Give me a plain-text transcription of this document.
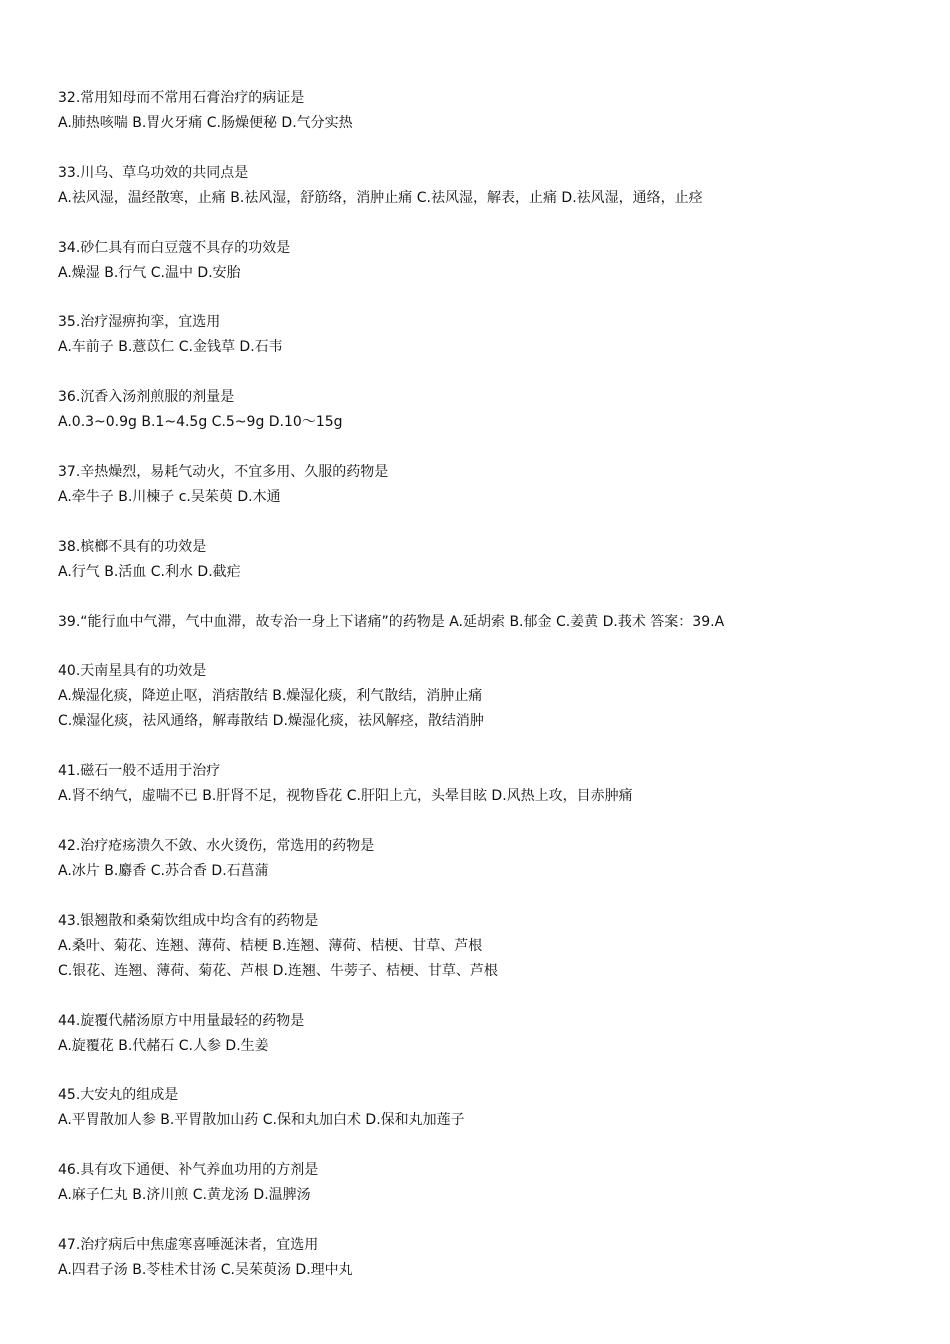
32.常用知母而不常用石膏治疗的病证是
A.肺热咳喘 B.胃火牙痛 C.肠燥便秘 D.气分实热
33.川乌、草乌功效的共同点是
A.祛风湿，温经散寒，止痛 B.祛风湿，舒筋络，消肿止痛 C.祛风湿，解表，止痛 D.祛风湿，通络，止痉
34.砂仁具有而白豆蔻不具存的功效是
A.燥湿 B.行气 C.温中 D.安胎
35.治疗湿痹拘挛，宜选用
A.车前子 B.薏苡仁 C.金钱草 D.石韦
36.沉香入汤剂煎服的剂量是
A.0.3~0.9g B.1~4.5g C.5~9g D.10～15g
37.辛热燥烈，易耗气动火，不宜多用、久服的药物是
A.牵牛子 B.川楝子 c.吴茱萸 D.木通
38.槟榔不具有的功效是
A.行气 B.活血 C.利水 D.截疟
39.“能行血中气滞，气中血滞，故专治一身上下诸痛”的药物是 A.延胡索 B.郁金 C.姜黄 D.莪术 答案：39.A
40.天南星具有的功效是
A.燥湿化痰，降逆止呕，消痞散结 B.燥湿化痰，利气散结，消肿止痛
C.燥湿化痰，祛风通络，解毒散结 D.燥湿化痰，祛风解痉，散结消肿
41.磁石一般不适用于治疗
A.肾不纳气，虚喘不已 B.肝肾不足，视物昏花 C.肝阳上亢，头晕目眩 D.风热上攻，目赤肿痛
42.治疗疮疡溃久不敛、水火烫伤，常选用的药物是
A.冰片 B.麝香 C.苏合香 D.石菖蒲
43.银翘散和桑菊饮组成中均含有的药物是
A.桑叶、菊花、连翘、薄荷、桔梗 B.连翘、薄荷、桔梗、甘草、芦根
C.银花、连翘、薄荷、菊花、芦根 D.连翘、牛蒡子、桔梗、甘草、芦根
44.旋覆代赭汤原方中用量最轻的药物是
A.旋覆花 B.代赭石 C.人参 D.生姜
45.大安丸的组成是
A.平胃散加人参 B.平胃散加山药 C.保和丸加白术 D.保和丸加莲子
46.具有攻下通便、补气养血功用的方剂是
A.麻子仁丸 B.济川煎 C.黄龙汤 D.温脾汤
47.治疗病后中焦虚寒喜唾涎沫者，宜选用
A.四君子汤 B.苓桂术甘汤 C.吴茱萸汤 D.理中丸
